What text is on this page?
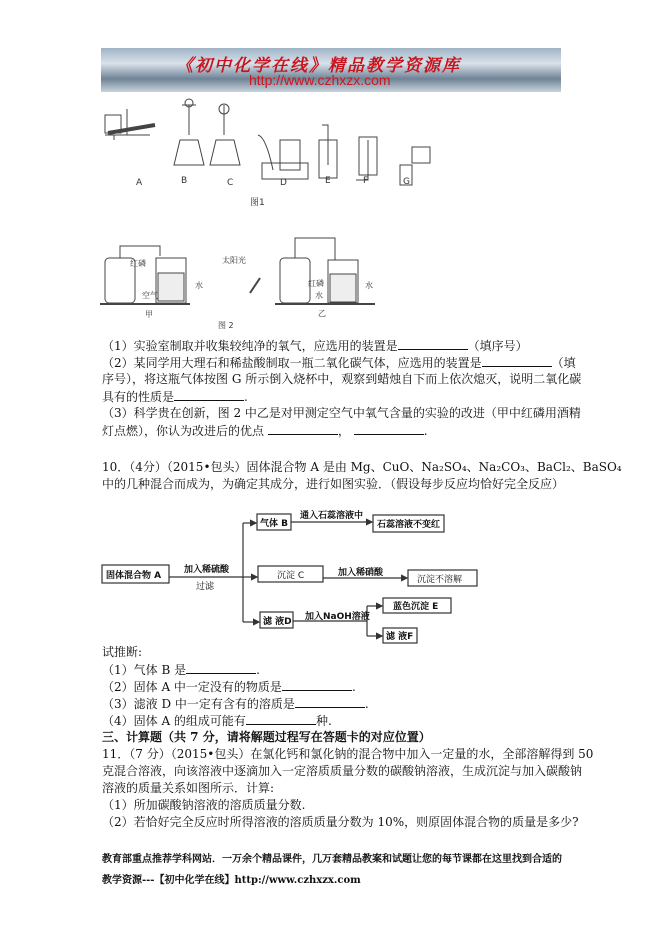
《初中化学在线》精品教学资源库
http://www.czhxzx.com
A	B	C	D	E	F	G
图1
红磷
空气
水
甲
太阳光
红磷
水
水
乙
图 2
（1）实验室制取并收集较纯净的氧气，应选用的装置是	（填序号）
（2）某同学用大理石和稀盐酸制取一瓶二氧化碳气体，应选用的装置是	（填
序号），将这瓶气体按图 G 所示倒入烧杯中，观察到蜡烛自下而上依次熄灭，说明二氧化碳
具有的性质是	.
（3）科学贵在创新，图 2 中乙是对甲测定空气中氧气含量的实验的改进（甲中红磷用酒精
灯点燃），你认为改进后的优点	，	.
10．（4分）（2015•包头）固体混合物 A 是由 Mg、CuO、Na₂SO₄、Na₂CO₃、BaCl₂、BaSO₄
中的几种混合而成为，为确定其成分，进行如图实验．（假设每步反应均恰好完全反应）
固体混合物 A
加入稀硫酸
过滤
气体 B
通入石蕊溶液中
石蕊溶液不变红
沉淀 C	加入稀硝酸
沉淀不溶解
滤 液D 加入NaOH溶液
蓝色沉淀 E
滤 液F
试推断:
（1）气体 B 是	.
（2）固体 A 中一定没有的物质是	.
（3）滤液 D 中一定有含有的溶质是	.
（4）固体 A 的组成可能有	种.
三、计算题（共 7 分，请将解题过程写在答题卡的对应位置）
11．（7 分）（2015•包头）在氯化钙和氯化钠的混合物中加入一定量的水，全部溶解得到 50
克混合溶液，向该溶液中逐滴加入一定溶质质量分数的碳酸钠溶液，生成沉淀与加入碳酸钠
溶液的质量关系如图所示．计算:
（1）所加碳酸钠溶液的溶质质量分数.
（2）若恰好完全反应时所得溶液的溶质质量分数为 10%，则原固体混合物的质量是多少?
教育部重点推荐学科网站．一万余个精品课件，几万套精品教案和试题让您的每节课都在这里找到合适的
教学资源---【初中化学在线】http://www.czhxzx.com
